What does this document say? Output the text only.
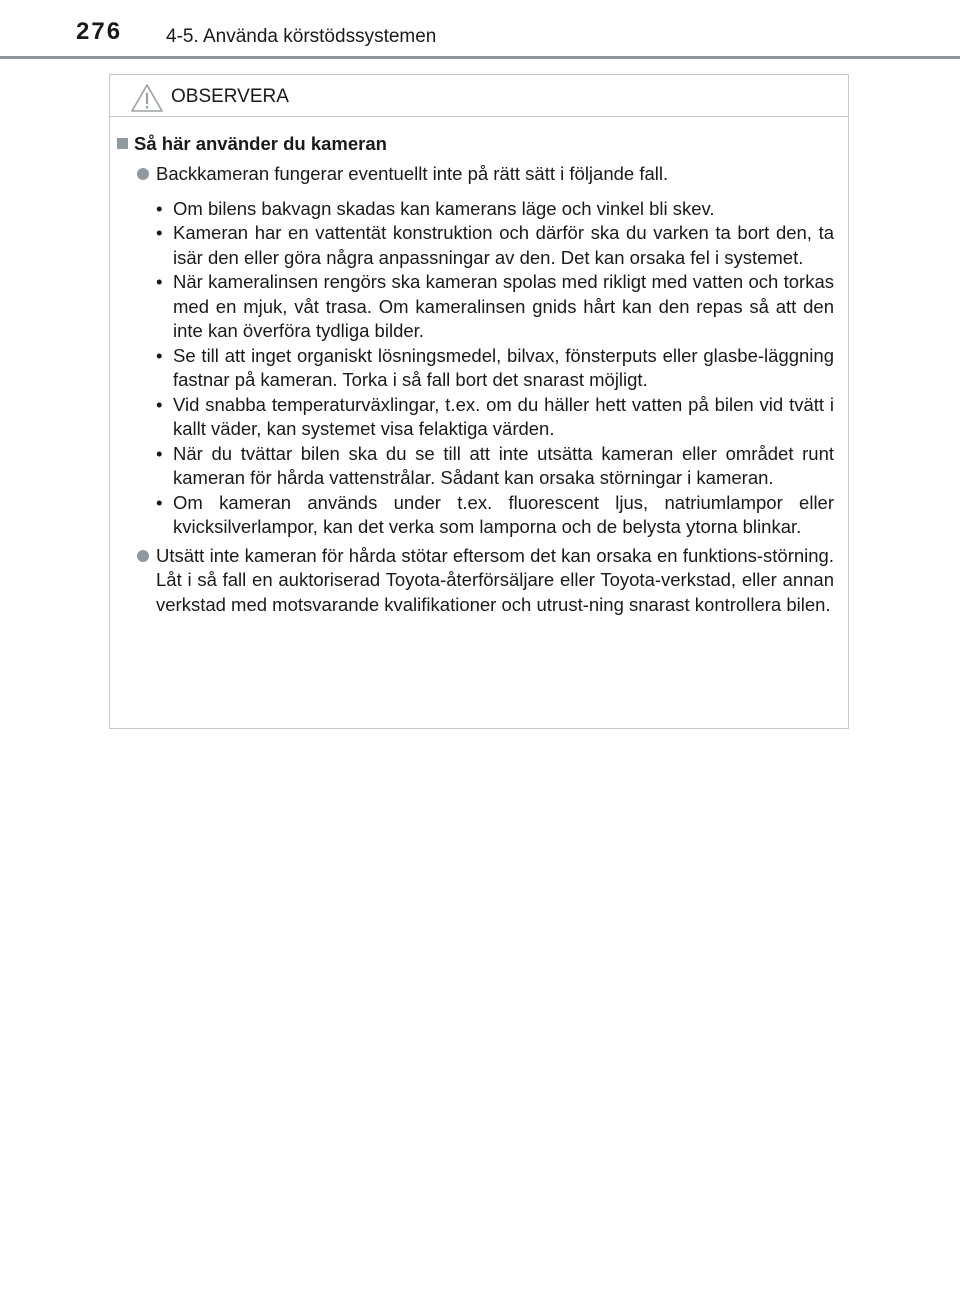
276 4-5. Använda körstödssystemen
OBSERVERA
Så här använder du kameran
Backkameran fungerar eventuellt inte på rätt sätt i följande fall.
• Om bilens bakvagn skadas kan kamerans läge och vinkel bli skev.
• Kameran har en vattentät konstruktion och därför ska du varken ta bort den, ta isär den eller göra några anpassningar av den. Det kan orsaka fel i systemet.
• När kameralinsen rengörs ska kameran spolas med rikligt med vatten och torkas med en mjuk, våt trasa. Om kameralinsen gnids hårt kan den repas så att den inte kan överföra tydliga bilder.
• Se till att inget organiskt lösningsmedel, bilvax, fönsterputs eller glasbe-läggning fastnar på kameran. Torka i så fall bort det snarast möjligt.
• Vid snabba temperaturväxlingar, t.ex. om du häller hett vatten på bilen vid tvätt i kallt väder, kan systemet visa felaktiga värden.
• När du tvättar bilen ska du se till att inte utsätta kameran eller området runt kameran för hårda vattenstrålar. Sådant kan orsaka störningar i kameran.
• Om kameran används under t.ex. fluorescent ljus, natriumlampor eller kvicksilverlampor, kan det verka som lamporna och de belysta ytorna blinkar.
Utsätt inte kameran för hårda stötar eftersom det kan orsaka en funktions-störning. Låt i så fall en auktoriserad Toyota-återförsäljare eller Toyota-verkstad, eller annan verkstad med motsvarande kvalifikationer och utrust-ning snarast kontrollera bilen.
